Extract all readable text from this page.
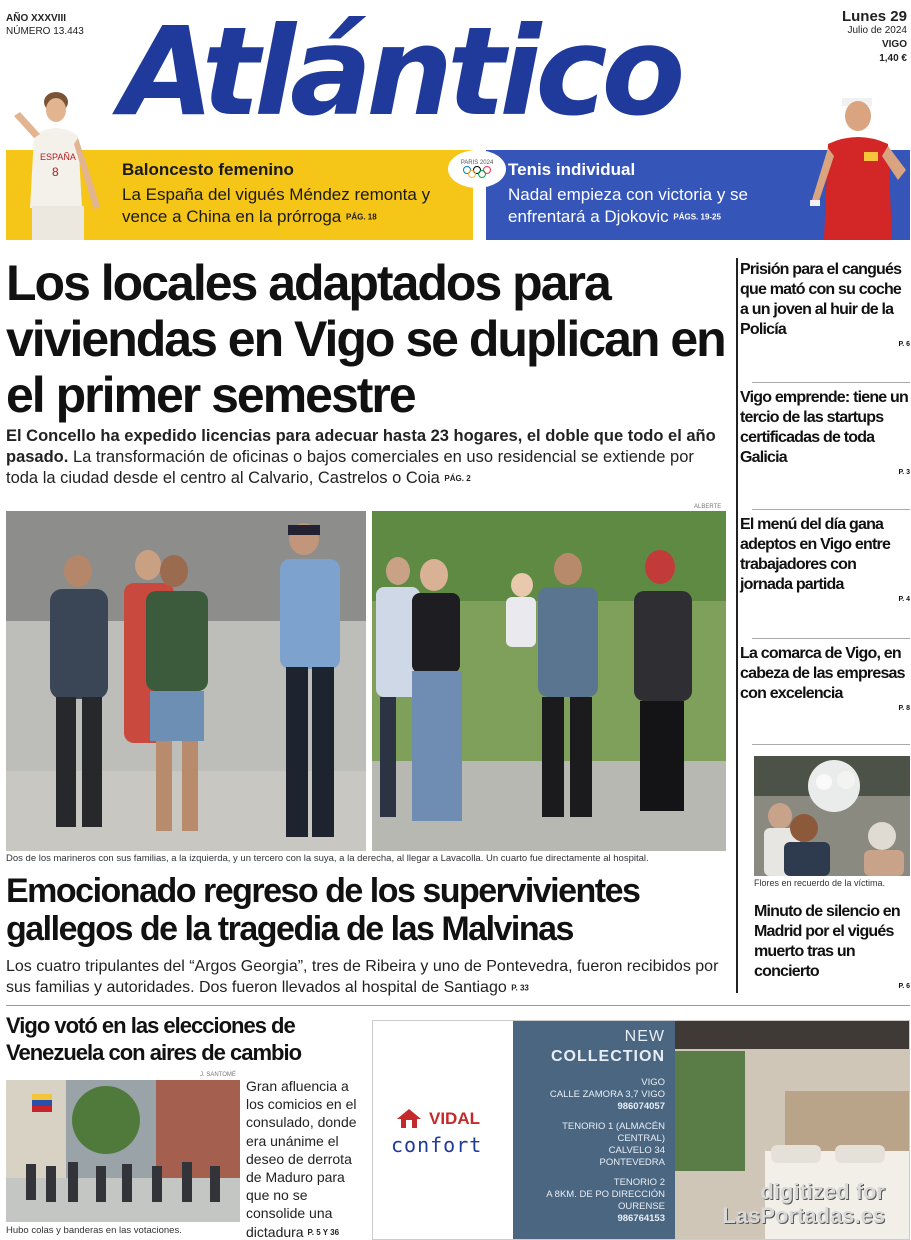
AÑO XXXVIII
NÚMERO 13.443 Atlántico	Lunes 29
Julio de 2024
VIGO
1,40 €
Baloncesto femenino

La España del vigués Méndez remonta y vence a China en la prórroga PÁG. 18

Tenis individual

Nadal empieza con victoria y se enfrentará a Djokovic PÁGS. 19-25

PARIS 2024
ESPAÑA
8
Los locales adaptados para viviendas en Vigo se duplican en el primer semestre
El Concello ha expedido licencias para adecuar hasta 23 hogares, el doble que todo el año pasado. La transformación de oficinas o bajos comerciales en uso residencial se extiende por toda la ciudad desde el centro al Calvario, Castrelos o Coia PÁG. 2
ALBERTE
Dos de los marineros con sus familias, a la izquierda, y un tercero con la suya, a la derecha, al llegar a Lavacolla. Un cuarto fue directamente al hospital.
Emocionado regreso de los supervivientes gallegos de la tragedia de las Malvinas
Los cuatro tripulantes del “Argos Georgia”, tres de Ribeira y uno de Pontevedra, fueron recibidos por sus familias y autoridades. Dos fueron llevados al hospital de Santiago P. 33
Vigo votó en las elecciones de Venezuela con aires de cambio
J. SANTOMÉ
Hubo colas y banderas en las votaciones.
Gran afluencia a los comicios en el consulado, donde era unánime el deseo de derrota de Maduro para que no se consolide una dictadura P. 5 Y 36
Prisión para el cangués que mató con su coche a un joven al huir de la Policía
P. 6
Vigo emprende: tiene un tercio de las startups certificadas de toda Galicia
P. 3
El menú del día gana adeptos en Vigo entre trabajadores con jornada partida
P. 4
La comarca de Vigo, en cabeza de las empresas con excelencia
P. 8
Flores en recuerdo de la víctima.
Minuto de silencio en Madrid por el vigués muerto tras un concierto
P. 6
VIDAL
confort
NEW
COLLECTION
VIGO
CALLE ZAMORA 3,7 VIGO
986074057
TENORIO 1 (ALMACÉN CENTRAL)
CALVELO 34
PONTEVEDRA
TENORIO 2
A 8KM. DE PO DIRECCIÓN OURENSE
986764153
digitized for
LasPortadas.es
